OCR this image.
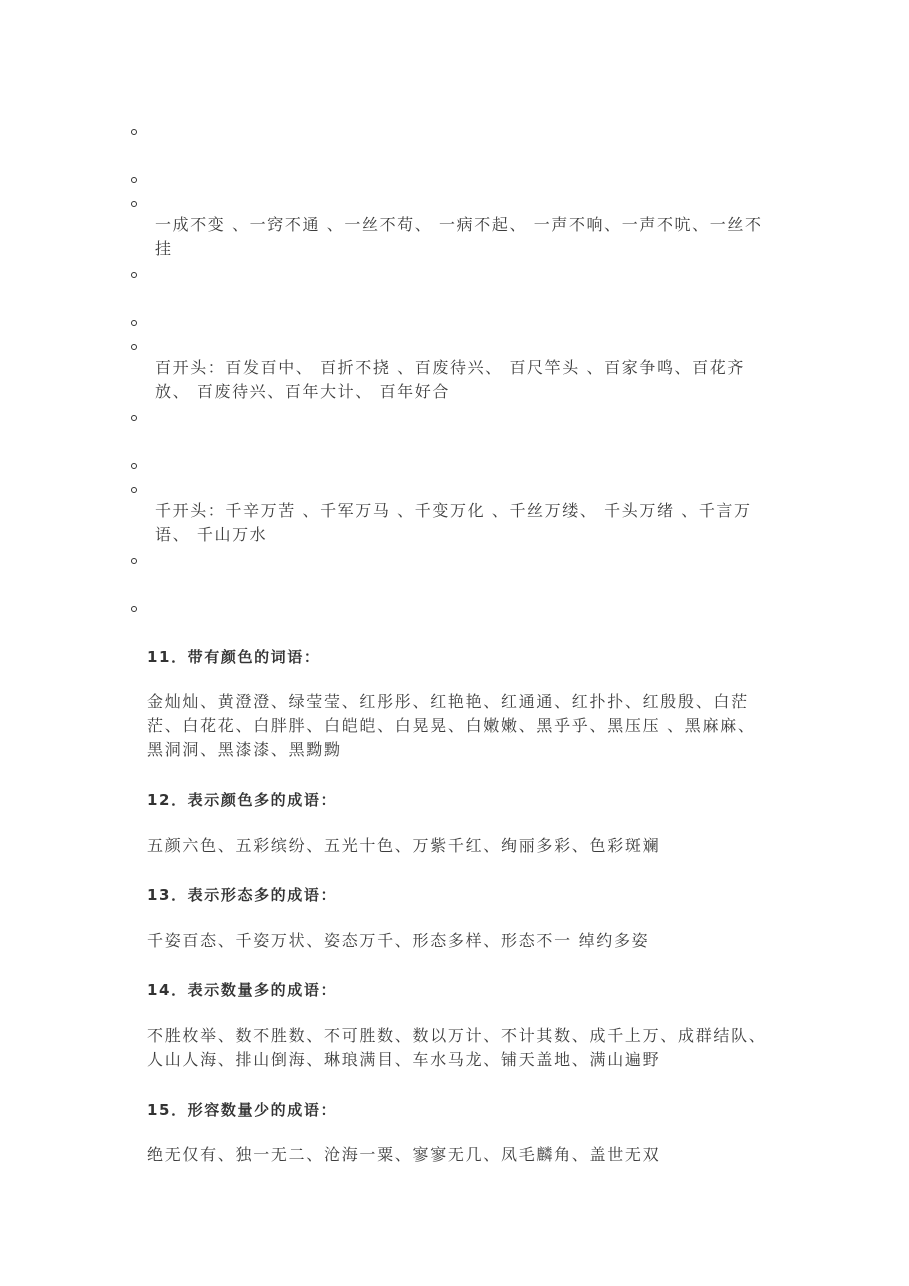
一成不变 、一窍不通 、一丝不苟、 一病不起、 一声不响、一声不吭、一丝不挂
百开头：百发百中、 百折不挠 、百废待兴、 百尺竿头 、百家争鸣、百花齐放、 百废待兴、百年大计、 百年好合
千开头：千辛万苦 、千军万马 、千变万化 、千丝万缕、 千头万绪 、千言万语、 千山万水
11．带有颜色的词语：
金灿灿、黄澄澄、绿莹莹、红彤彤、红艳艳、红通通、红扑扑、红殷殷、白茫茫、白花花、白胖胖、白皑皑、白晃晃、白嫩嫩、黑乎乎、黑压压 、黑麻麻、黑洞洞、黑漆漆、黑黝黝
12．表示颜色多的成语：
五颜六色、五彩缤纷、五光十色、万紫千红、绚丽多彩、色彩斑斓
13．表示形态多的成语：
千姿百态、千姿万状、姿态万千、形态多样、形态不一 绰约多姿
14．表示数量多的成语：
不胜枚举、数不胜数、不可胜数、数以万计、不计其数、成千上万、成群结队、人山人海、排山倒海、琳琅满目、车水马龙、铺天盖地、满山遍野
15．形容数量少的成语：
绝无仅有、独一无二、沧海一粟、寥寥无几、凤毛麟角、盖世无双
